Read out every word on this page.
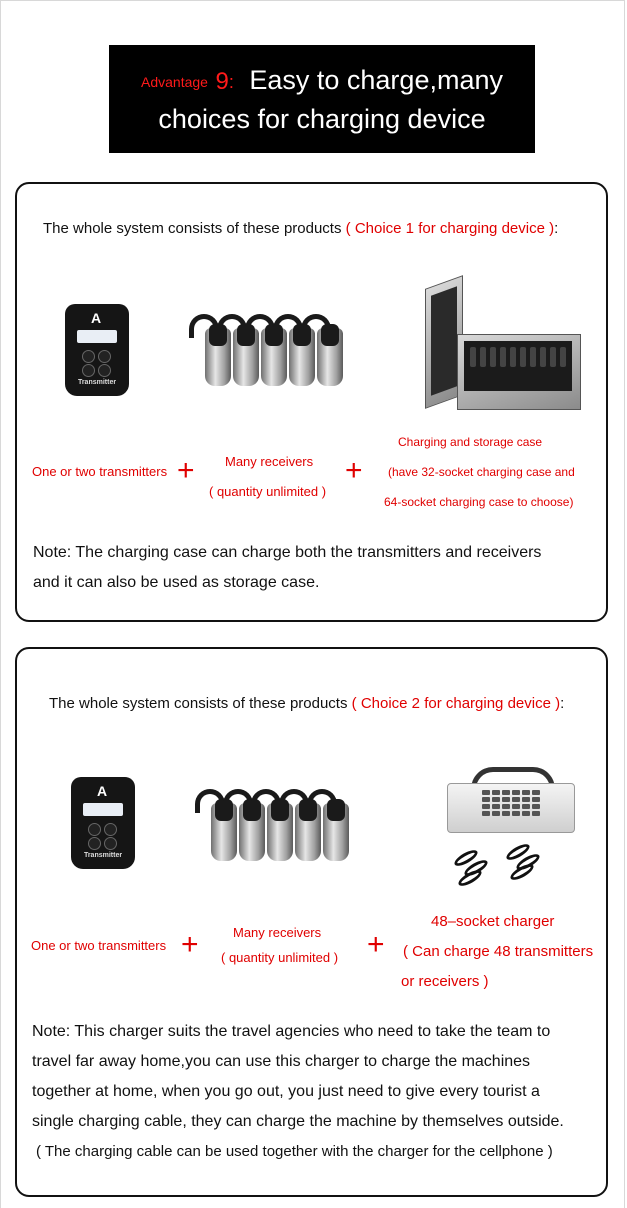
Advantage 9: Easy to charge,many
choices for charging device
The whole system consists of these products ( Choice 1 for charging device ):
A
Transmitter
One or two transmitters + Many receivers
( quantity unlimited )
+
Charging and storage case
(have 32-socket charging case and
64-socket charging case to choose)
Note: The charging case can charge both the transmitters and receivers
and it can also be used as storage case.
The whole system consists of these products ( Choice 2 for charging device ):
A
Transmitter
One or two transmitters +	Many receivers
( quantity unlimited ) +
48–socket charger
( Can charge 48 transmitters
or receivers )
Note: This charger suits the travel agencies who need to take the team to
travel far away home,you can use this charger to charge the machines
together at home, when you go out, you just need to give every tourist a
single charging cable, they can charge the machine by themselves outside.
( The charging cable can be used together with the charger for the cellphone )
